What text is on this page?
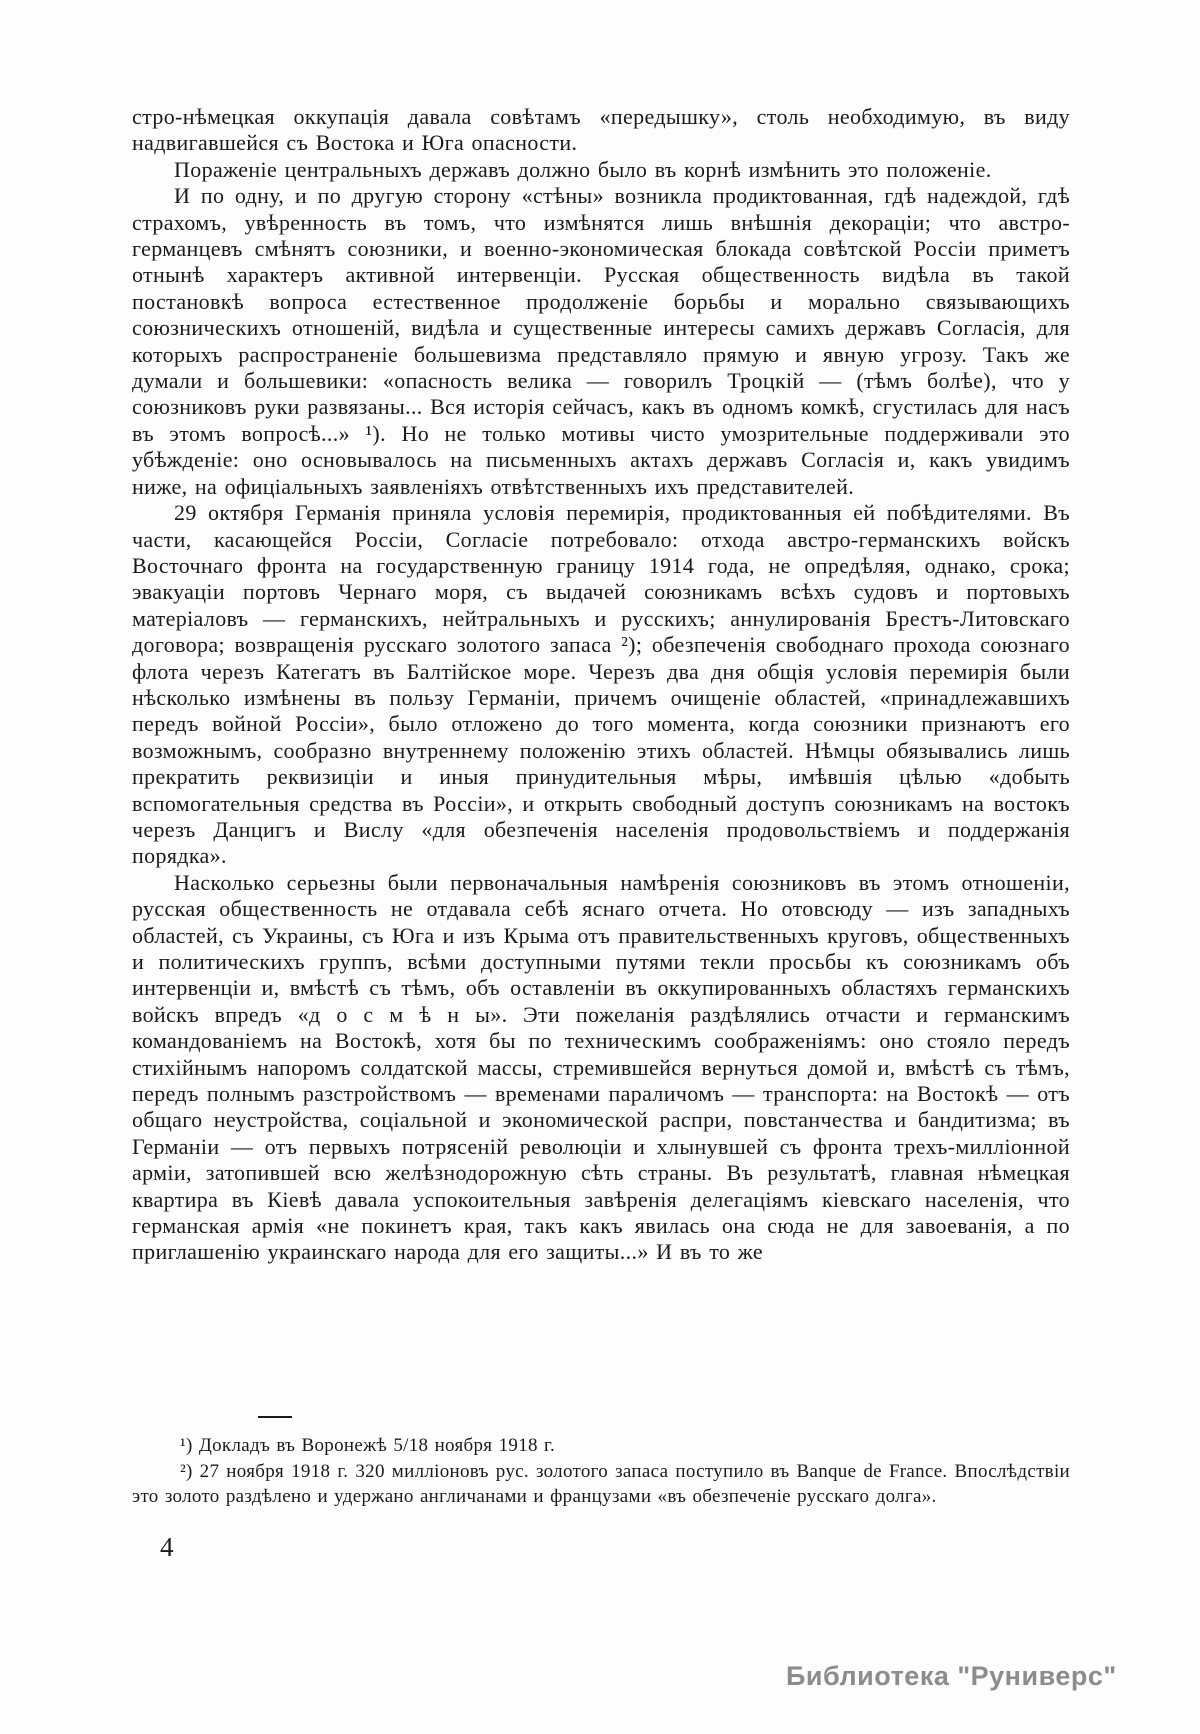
стро-нѣмецкая оккупація давала совѣтамъ «передышку», столь необходимую, въ виду надвигавшейся съ Востока и Юга опасности.

Пораженіе центральныхъ державъ должно было въ корнѣ измѣнить это положеніе.

И по одну, и по другую сторону «стѣны» возникла продиктованная, гдѣ надеждой, гдѣ страхомъ, увѣренность въ томъ, что измѣнятся лишь внѣшнія декораціи; что австро-германцевъ смѣнятъ союзники, и военно-экономическая блокада совѣтской Россіи приметъ отнынѣ характеръ активной интервенціи. Русская общественность видѣла въ такой постановкѣ вопроса естественное продолженіе борьбы и морально связывающихъ союзническихъ отношеній, видѣла и существенные интересы самихъ державъ Согласія, для которыхъ распространеніе большевизма представляло прямую и явную угрозу. Такъ же думали и большевики: «опасность велика — говорилъ Троцкій — (тѣмъ болѣе), что у союзниковъ руки развязаны... Вся исторія сейчасъ, какъ въ одномъ комкѣ, сгустилась для насъ въ этомъ вопросѣ...» ¹). Но не только мотивы чисто умозрительные поддерживали это убѣжденіе: оно основывалось на письменныхъ актахъ державъ Согласія и, какъ увидимъ ниже, на офиціальныхъ заявленіяхъ отвѣтственныхъ ихъ представителей.

29 октября Германія приняла условія перемирія, продиктованныя ей побѣдителями. Въ части, касающейся Россіи, Согласіе потребовало: отхода австро-германскихъ войскъ Восточнаго фронта на государственную границу 1914 года, не опредѣляя, однако, срока; эвакуаціи портовъ Чернаго моря, съ выдачей союзникамъ всѣхъ судовъ и портовыхъ матеріаловъ — германскихъ, нейтральныхъ и русскихъ; аннулированія Брестъ-Литовскаго договора; возвращенія русскаго золотого запаса ²); обезпеченія свободнаго прохода союзнаго флота черезъ Категатъ въ Балтійское море. Черезъ два дня общія условія перемирія были нѣсколько измѣнены въ пользу Германіи, причемъ очищеніе областей, «принадлежавшихъ передъ войной Россіи», было отложено до того момента, когда союзники признаютъ его возможнымъ, сообразно внутреннему положенію этихъ областей. Нѣмцы обязывались лишь прекратить реквизиціи и иныя принудительныя мѣры, имѣвшія цѣлью «добыть вспомогательныя средства въ Россіи», и открыть свободный доступъ союзникамъ на востокъ черезъ Данцигъ и Вислу «для обезпеченія населенія продовольствіемъ и поддержанія порядка».

Насколько серьезны были первоначальныя намѣренія союзниковъ въ этомъ отношеніи, русская общественность не отдавала себѣ яснаго отчета. Но отовсюду — изъ западныхъ областей, съ Украины, съ Юга и изъ Крыма отъ правительственныхъ круговъ, общественныхъ и политическихъ группъ, всѣми доступными путями текли просьбы къ союзникамъ объ интервенціи и, вмѣстѣ съ тѣмъ, объ оставленіи въ оккупированныхъ областяхъ германскихъ войскъ впредъ «д о с м ѣ н ы». Эти пожеланія раздѣлялись отчасти и германскимъ командованіемъ на Востокѣ, хотя бы по техническимъ соображеніямъ: оно стояло передъ стихійнымъ напоромъ солдатской массы, стремившейся вернуться домой и, вмѣстѣ съ тѣмъ, передъ полнымъ разстройствомъ — временами параличомъ — транспорта: на Востокѣ — отъ общаго неустройства, соціальной и экономической распри, повстанчества и бандитизма; въ Германіи — отъ первыхъ потрясеній революціи и хлынувшей съ фронта трехъ-милліонной арміи, затопившей всю желѣзнодорожную сѣть страны. Въ результатѣ, главная нѣмецкая квартира въ Кіевѣ давала успокоительныя завѣренія делегаціямъ кіевскаго населенія, что германская армія «не покинетъ края, такъ какъ явилась она сюда не для завоеванія, а по приглашенію украинскаго народа для его защиты...» И въ то же

¹) Докладъ въ Воронежѣ 5/18 ноября 1918 г.

²) 27 ноября 1918 г. 320 милліоновъ рус. золотого запаса поступило въ Banque de France. Впослѣдствіи это золото раздѣлено и удержано англичанами и французами «въ обезпеченіе русскаго долга».

4
Библиотека "Руниверс"
